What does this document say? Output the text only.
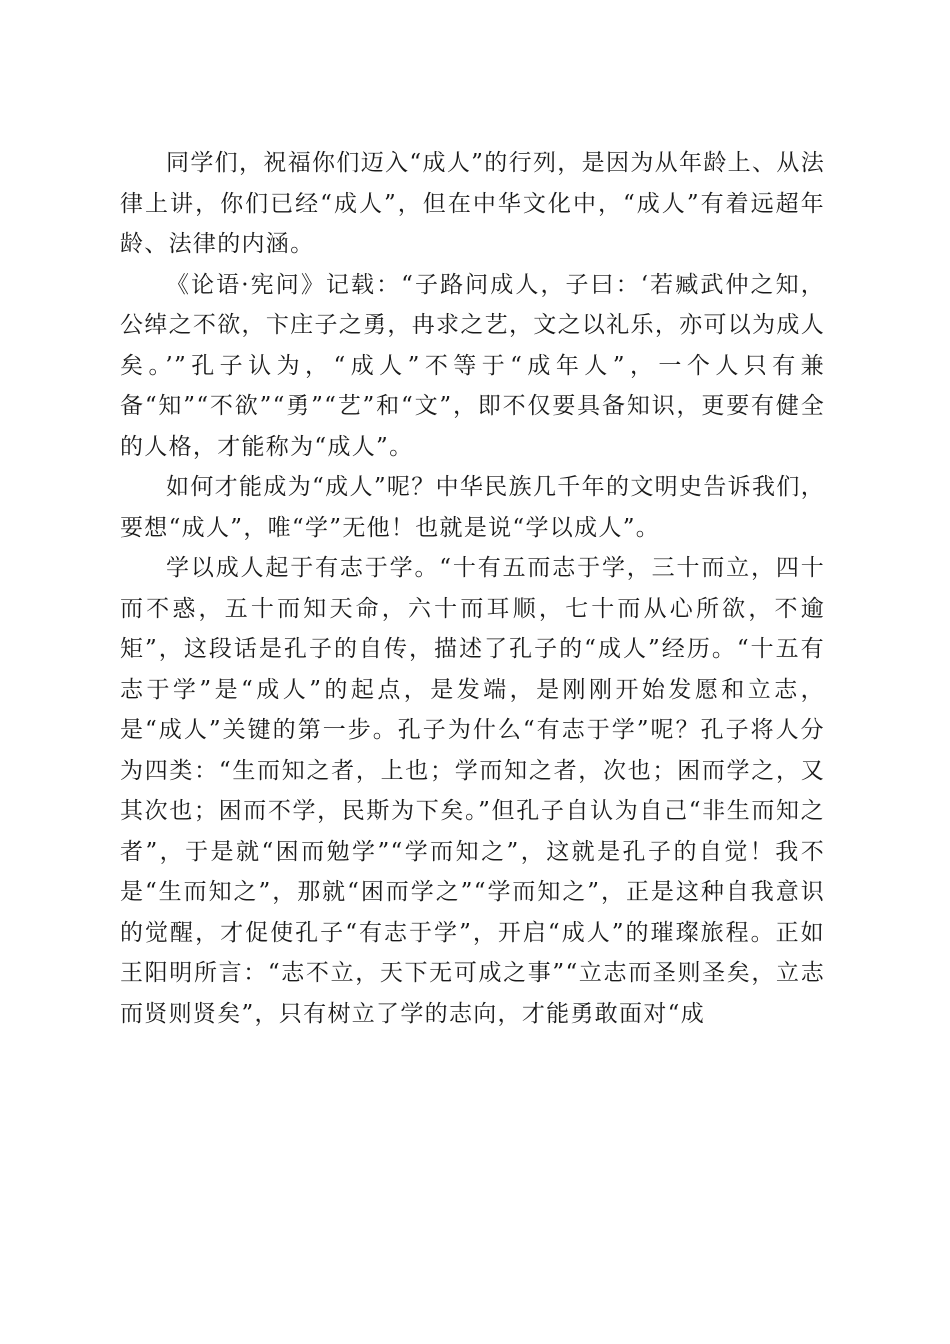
同学们，祝福你们迈入“成人”的行列，是因为从年龄上、从法律上讲，你们已经“成人”，但在中华文化中，“成人”有着远超年龄、法律的内涵。

《论语·宪问》记载：“子路问成人，子曰：‘若臧武仲之知，公绰之不欲，卞庄子之勇，冉求之艺，文之以礼乐，亦可以为成人矣。’”孔子认为，“成人”不等于“成年人”，一个人只有兼备“知”“不欲”“勇”“艺”和“文”，即不仅要具备知识，更要有健全的人格，才能称为“成人”。

如何才能成为“成人”呢？中华民族几千年的文明史告诉我们，要想“成人”，唯“学”无他！也就是说“学以成人”。

学以成人起于有志于学。“十有五而志于学，三十而立，四十而不惑，五十而知天命，六十而耳顺，七十而从心所欲，不逾矩”，这段话是孔子的自传，描述了孔子的“成人”经历。“十五有志于学”是“成人”的起点，是发端，是刚刚开始发愿和立志，是“成人”关键的第一步。孔子为什么“有志于学”呢？孔子将人分为四类：“生而知之者，上也；学而知之者，次也；困而学之，又其次也；困而不学，民斯为下矣。”但孔子自认为自己“非生而知之者”，于是就“困而勉学”“学而知之”，这就是孔子的自觉！我不是“生而知之”，那就“困而学之”“学而知之”，正是这种自我意识的觉醒，才促使孔子“有志于学”，开启“成人”的璀璨旅程。正如王阳明所言：“志不立，天下无可成之事”“立志而圣则圣矣，立志而贤则贤矣”，只有树立了学的志向，才能勇敢面对“成
